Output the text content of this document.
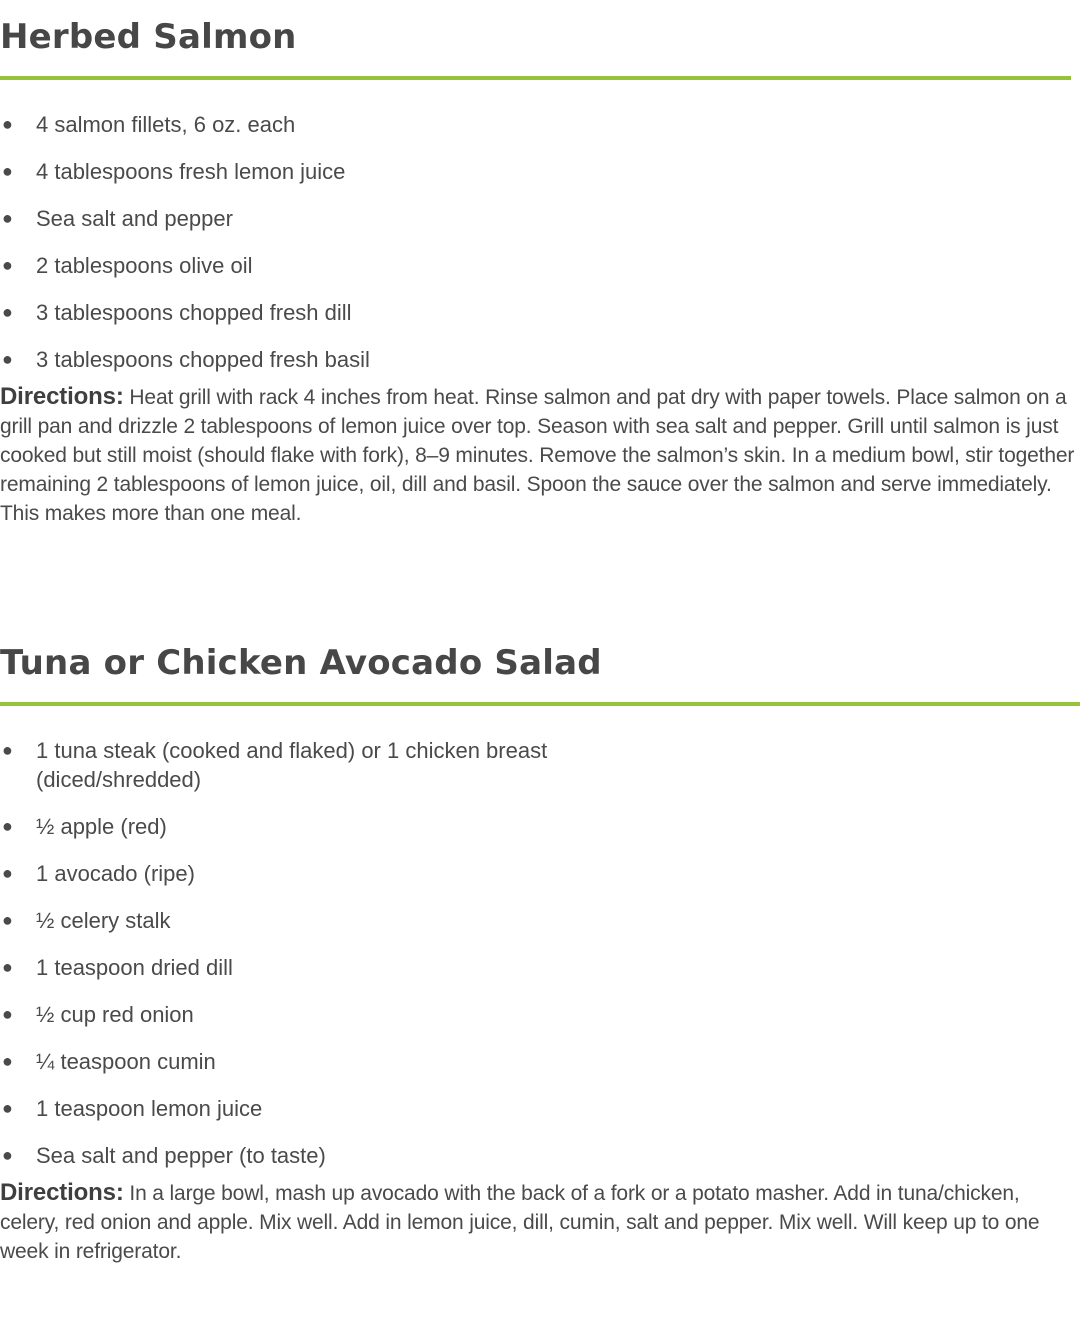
Herbed Salmon
● 4 salmon fillets, 6 oz. each
● 4 tablespoons fresh lemon juice
● Sea salt and pepper
● 2 tablespoons olive oil
● 3 tablespoons chopped fresh dill
● 3 tablespoons chopped fresh basil

Directions: Heat grill with rack 4 inches from heat. Rinse salmon and pat dry with paper towels. Place salmon on a grill pan and drizzle 2 tablespoons of lemon juice over top. Season with sea salt and pepper. Grill until salmon is just cooked but still moist (should flake with fork), 8–9 minutes. Remove the salmon’s skin. In a medium bowl, stir together remaining 2 tablespoons of lemon juice, oil, dill and basil. Spoon the sauce over the salmon and serve immediately. This makes more than one meal.

Tuna or Chicken Avocado Salad
● 1 tuna steak (cooked and flaked) or 1 chicken breast (diced/shredded)
● ½ apple (red)
● 1 avocado (ripe)
● ½ celery stalk
● 1 teaspoon dried dill
● ½ cup red onion
● ¼ teaspoon cumin
● 1 teaspoon lemon juice
● Sea salt and pepper (to taste)

Directions: In a large bowl, mash up avocado with the back of a fork or a potato masher. Add in tuna/chicken, celery, red onion and apple. Mix well. Add in lemon juice, dill, cumin, salt and pepper. Mix well. Will keep up to one week in refrigerator.
